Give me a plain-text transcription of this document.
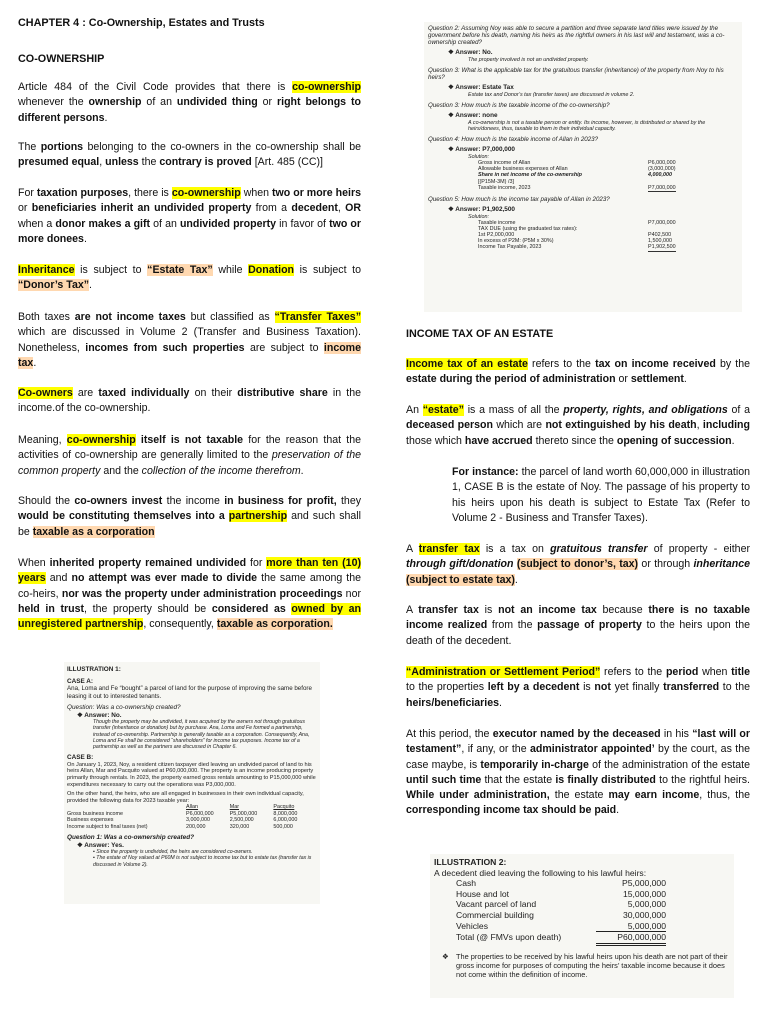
CHAPTER 4 : Co-Ownership, Estates and Trusts
CO-OWNERSHIP

Article 484 of the Civil Code provides that there is co-ownership whenever the ownership of an undivided thing or right belongs to different persons.

The portions belonging to the co-owners in the co-ownership shall be presumed equal, unless the contrary is proved [Art. 485 (CC)]

For taxation purposes, there is co-ownership when two or more heirs or beneficiaries inherit an undivided property from a decedent, OR when a donor makes a gift of an undivided property in favor of two or more donees.

Inheritance is subject to “Estate Tax” while Donation is subject to “Donor’s Tax”.

Both taxes are not income taxes but classified as “Transfer Taxes” which are discussed in Volume 2 (Transfer and Business Taxation). Nonetheless, incomes from such properties are subject to income tax.

Co-owners are taxed individually on their distributive share in the income.of the co-ownership.

Meaning, co-ownership itself is not taxable for the reason that the activities of co-ownership are generally limited to the preservation of the common property and the collection of the income therefrom.

Should the co-owners invest the income in business for profit, they would be constituting themselves into a partnership and such shall be taxable as a corporation

When inherited property remained undivided for more than ten (10) years and no attempt was ever made to divide the same among the co-heirs, nor was the property under administration proceedings nor held in trust, the property should be considered as owned by an unregistered partnership, consequently, taxable as corporation.

ILLUSTRATION 1:
CASE A:
Ana, Loma and Fe “bought” a parcel of land for the purpose of improving the same before leasing it out to interested tenants.
Question: Was a co-ownership created?
❖ Answer: No.
Though the property may be undivided, it was acquired by the owners not through gratuitous transfer (inheritance or donation) but by purchase. Ana, Loma and Fe formed a partnership, instead of co-ownership. Partnership is generally taxable as a corporation. Consequently, Ana, Loma and Fe shall be considered “shareholders” for income tax purposes. Income tax of a partnership as well as the partners are discussed in Chapter 6.
CASE B:
On January 1, 2023, Noy, a resident citizen taxpayer died leaving an undivided parcel of land to his heirs Allan, Mar and Pacquito valued at P60,000,000. The property is an income producing property primarily through rentals. In 2023, the property earned gross rentals amounting to P15,000,000 while expenditures necessary to carry out the operations was P3,000,000.
On the other hand, the heirs, who are all engaged in businesses in their own individual capacity, provided the following data for 2023 taxable year:
Allan	Mar	Pacquito
Gross business income	P6,000,000	P5,000,000	8,000,000
Business expenses	3,000,000	2,500,000	6,000,000
Income subject to final taxes (net)	200,000	320,000	500,000
Question 1: Was a co-ownership created?
❖ Answer: Yes.
▪ Since the property is undivided, the heirs are considered co-owners.
▪ The estate of Noy valued at P60M is not subject to income tax but to estate tax (transfer tax is discussed in Volume 2).
Question 2: Assuming Noy was able to secure a partition and three separate land titles were issued by the government before his death, naming his heirs as the rightful owners in his last will and testament, was a co-ownership created?
❖ Answer: No.
The property involved is not an undivided property.
Question 3: What is the applicable tax for the gratuitous transfer (inheritance) of the property from Noy to his heirs?
❖ Answer: Estate Tax
Estate tax and Donor’s tax (transfer taxes) are discussed in volume 2.
Question 3: How much is the taxable income of the co-ownership?
❖ Answer: none
A co-ownership is not a taxable person or entity. Its income, however, is distributed or shared by the heirs/donees, thus, taxable to them in their individual capacity.
Question 4: How much is the taxable income of Allan in 2023?
❖ Answer: P7,000,000
Solution:
Gross income of Allan	P6,000,000
Allowable business expenses of Allan	(3,000,000)
Share in net income of the co-ownership	4,000,000
[(P15M-3M) /3]
Taxable income, 2023	P7,000,000
Question 5: How much is the income tax payable of Allan in 2023?
❖ Answer: P1,902,500
Solution:
Taxable income	P7,000,000
TAX DUE (using the graduated tax rates):
1st P2,000,000	P402,500
In excess of P2M: (P5M x 30%)	1,500,000
Income Tax Payable, 2023	P1,902,500
INCOME TAX OF AN ESTATE

Income tax of an estate refers to the tax on income received by the estate during the period of administration or settlement.

An “estate” is a mass of all the property, rights, and obligations of a deceased person which are not extinguished by his death, including those which have accrued thereto since the opening of succession.

For instance: the parcel of land worth 60,000,000 in illustration 1, CASE B is the estate of Noy. The passage of his property to his heirs upon his death is subject to Estate Tax (Refer to Volume 2 - Business and Transfer Taxes).

A transfer tax is a tax on gratuitous transfer of property - either through gift/donation (subject to donor’s, tax) or through inheritance (subject to estate tax).

A transfer tax is not an income tax because there is no taxable income realized from the passage of property to the heirs upon the death of the decedent.

“Administration or Settlement Period” refers to the period when title to the properties left by a decedent is not yet finally transferred to the heirs/beneficiaries.

At this period, the executor named by the deceased in his “last will or testament”, if any, or the administrator appointed’ by the court, as the case maybe, is temporarily in-charge of the administration of the estate until such time that the estate is finally distributed to the rightful heirs. While under administration, the estate may earn income, thus, the corresponding income tax should be paid.

ILLUSTRATION 2:
A decedent died leaving the following to his lawful heirs:
Cash	P5,000,000
House and lot	15,000,000
Vacant parcel of land	5,000,000
Commercial building	30,000,000
Vehicles	5,000,000
Total (@ FMVs upon death)	P60,000,000
❖ The properties to be received by his lawful heirs upon his death are not part of their gross income for purposes of computing the heirs’ taxable income because it does not come within the definition of income.
